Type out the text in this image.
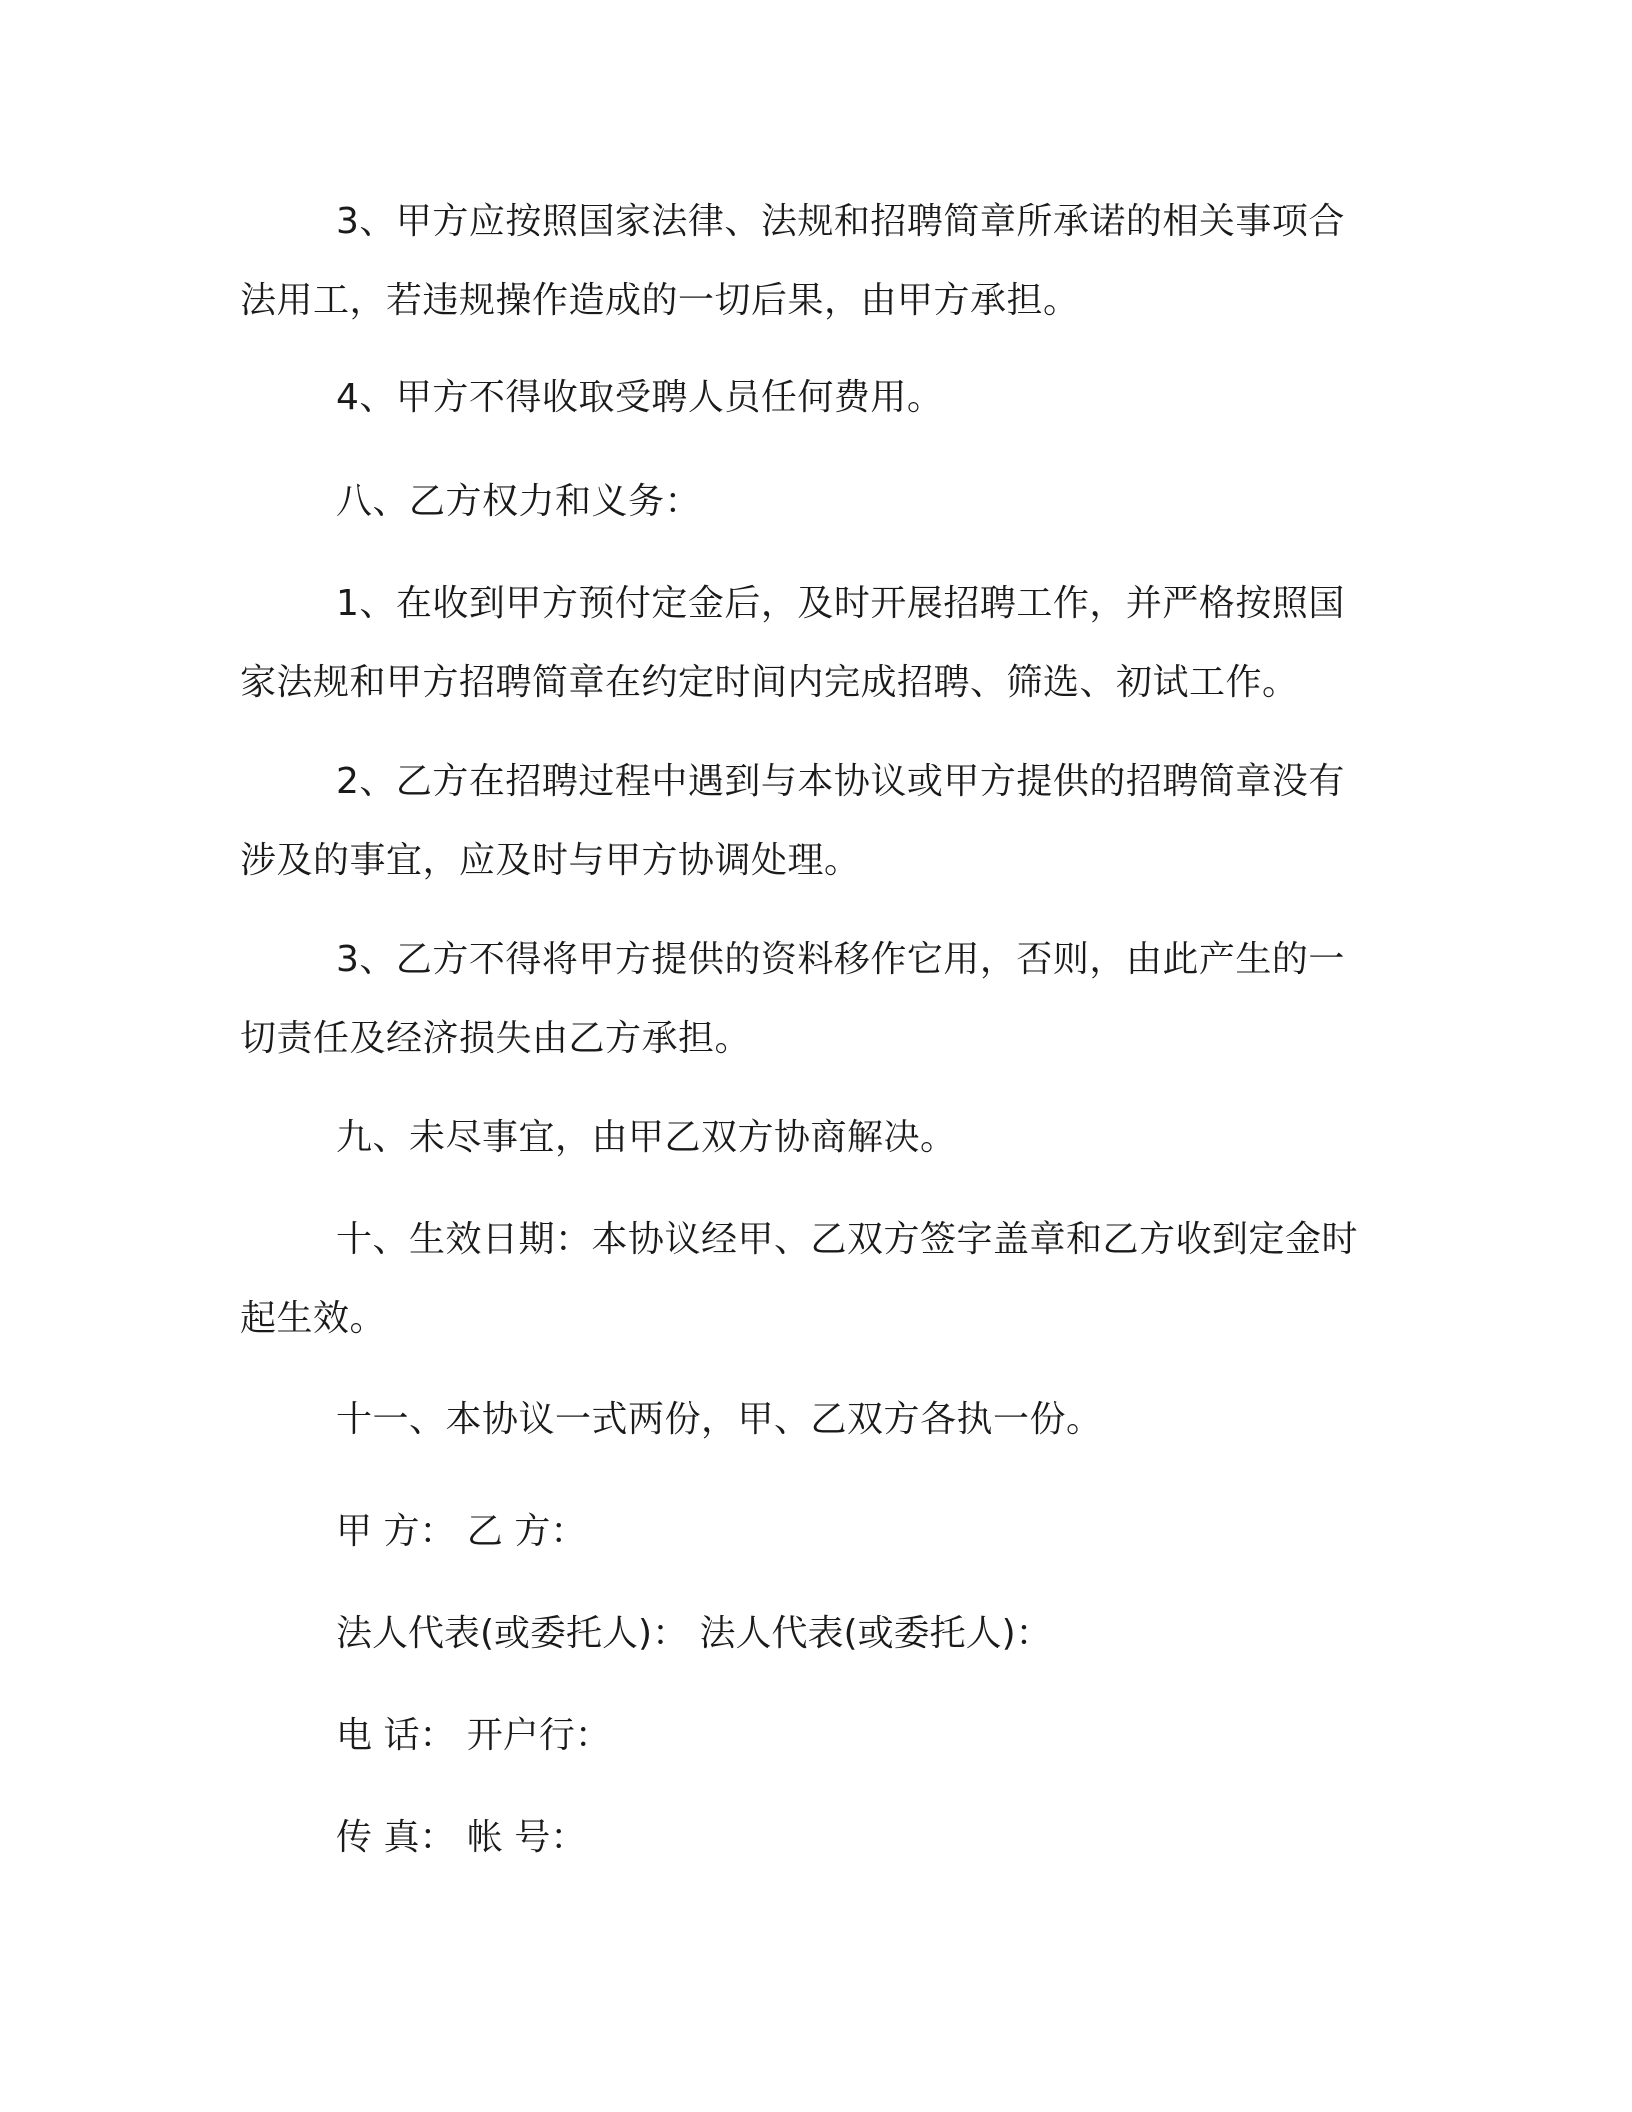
3、甲方应按照国家法律、法规和招聘简章所承诺的相关事项合法用工，若违规操作造成的一切后果，由甲方承担。

4、甲方不得收取受聘人员任何费用。

八、乙方权力和义务：

1、在收到甲方预付定金后，及时开展招聘工作，并严格按照国家法规和甲方招聘简章在约定时间内完成招聘、筛选、初试工作。

2、乙方在招聘过程中遇到与本协议或甲方提供的招聘简章没有涉及的事宜，应及时与甲方协调处理。

3、乙方不得将甲方提供的资料移作它用，否则，由此产生的一切责任及经济损失由乙方承担。

九、未尽事宜，由甲乙双方协商解决。

十、生效日期：本协议经甲、乙双方签字盖章和乙方收到定金时起生效。

十一、本协议一式两份，甲、乙双方各执一份。

甲 方： 乙 方：

法人代表(或委托人)： 法人代表(或委托人)：

电 话： 开户行：

传 真： 帐 号：
